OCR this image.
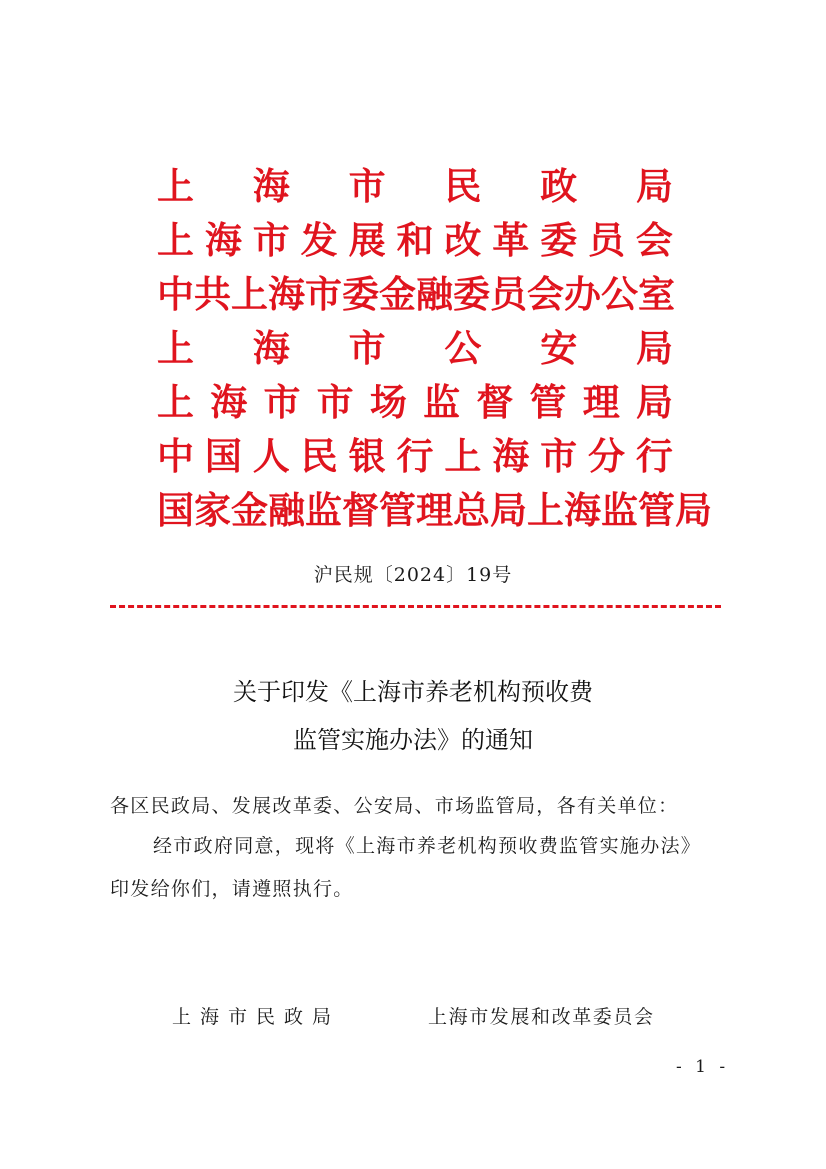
上 海 市 民 政 局
上 海 市 发 展 和 改 革 委 员 会
中 共 上 海 市 委 金 融 委 员 会 办 公 室
上 海 市 公 安 局
上 海 市 市 场 监 督 管 理 局
中 国 人 民 银 行 上 海 市 分 行
国 家 金 融 监 督 管 理 总 局 上 海 监 管 局
沪民规〔2024〕19号
关于印发《上海市养老机构预收费
监管实施办法》的通知
各区民政局、发展改革委、公安局、市场监管局，各有关单位：
经市政府同意，现将《上海市养老机构预收费监管实施办法》
印发给你们，请遵照执行。
上海市民政局	上海市发展和改革委员会
- 1 -
